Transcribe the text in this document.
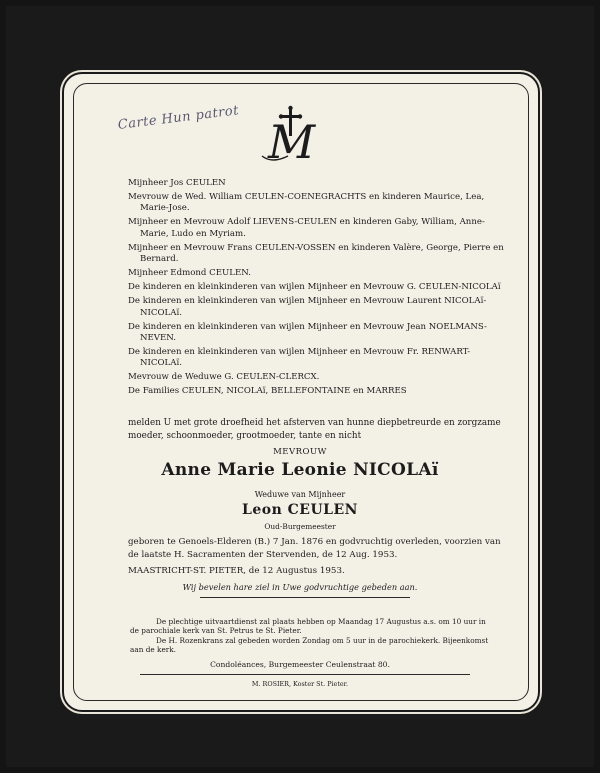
Carte Hun patrot M

Mijnheer Jos CEULEN

Mevrouw de Wed. William CEULEN-COENEGRACHTS en kinderen Maurice, Lea, Marie-Jose.

Mijnheer en Mevrouw Adolf LIEVENS-CEULEN en kinderen Gaby, William, Anne-Marie, Ludo en Myriam.

Mijnheer en Mevrouw Frans CEULEN-VOSSEN en kinderen Valère, George, Pierre en Bernard.

Mijnheer Edmond CEULEN.

De kinderen en kleinkinderen van wijlen Mijnheer en Mevrouw G. CEULEN-NICOLAï

De kinderen en kleinkinderen van wijlen Mijnheer en Mevrouw Laurent NICOLAï-NICOLAï.

De kinderen en kleinkinderen van wijlen Mijnheer en Mevrouw Jean NOELMANS-NEVEN.

De kinderen en kleinkinderen van wijlen Mijnheer en Mevrouw Fr. RENWART-NICOLAï.

Mevrouw de Weduwe G. CEULEN-CLERCX.

De Families CEULEN, NICOLAï, BELLEFONTAINE en MARRES

melden U met grote droefheid het afsterven van hunne diepbetreurde en zorgzame moeder, schoonmoeder, grootmoeder, tante en nicht
MEVROUW
Anne Marie Leonie NICOLAï
Weduwe van Mijnheer
Leon CEULEN
Oud-Burgemeester
geboren te Genoels-Elderen (B.) 7 Jan. 1876 en godvruchtig overleden, voorzien van de laatste H. Sacramenten der Stervenden, de 12 Aug. 1953.
MAASTRICHT-ST. PIETER, de 12 Augustus 1953.
Wij bevelen hare ziel in Uwe godvruchtige gebeden aan.

De plechtige uitvaartdienst zal plaats hebben op Maandag 17 Augustus a.s. om 10 uur in de parochiale kerk van St. Petrus te St. Pieter.

De H. Rozenkrans zal gebeden worden Zondag om 5 uur in de parochiekerk. Bijeenkomst aan de kerk.

Condoléances, Burgemeester Ceulenstraat 80.
M. ROSIER, Koster St. Pieter.
